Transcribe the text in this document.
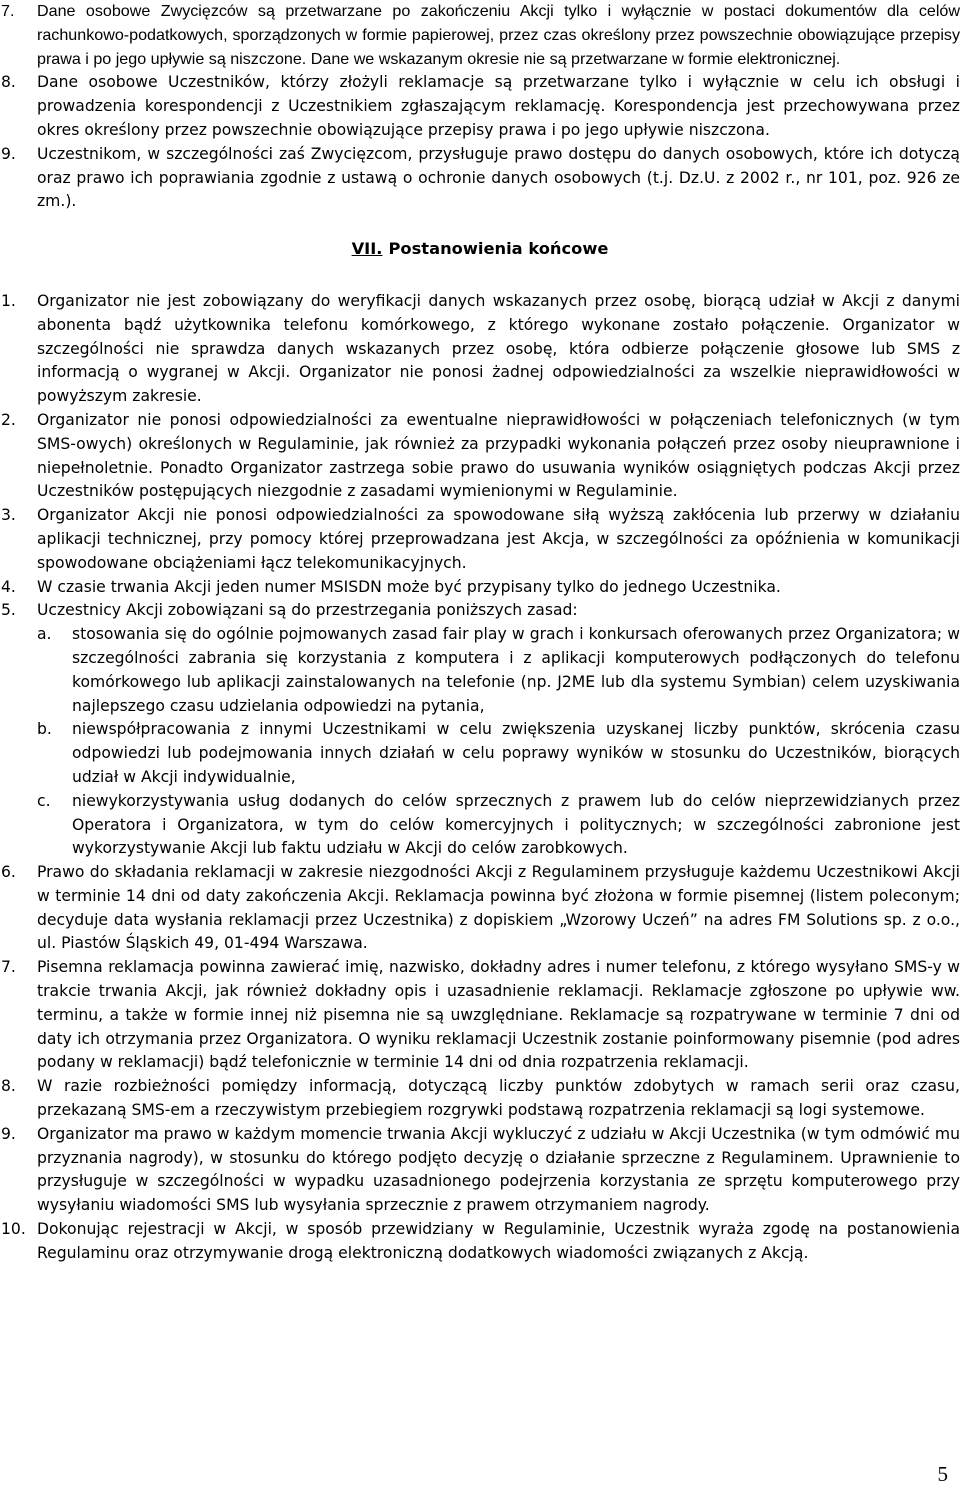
7. Dane osobowe Zwycięzców są przetwarzane po zakończeniu Akcji tylko i wyłącznie w postaci dokumentów dla celów rachunkowo-podatkowych, sporządzonych w formie papierowej, przez czas określony przez powszechnie obowiązujące przepisy prawa i po jego upływie są niszczone. Dane we wskazanym okresie nie są przetwarzane w formie elektronicznej.
8. Dane osobowe Uczestników, którzy złożyli reklamacje są przetwarzane tylko i wyłącznie w celu ich obsługi i prowadzenia korespondencji z Uczestnikiem zgłaszającym reklamację. Korespondencja jest przechowywana przez okres określony przez powszechnie obowiązujące przepisy prawa i po jego upływie niszczona.
9. Uczestnikom, w szczególności zaś Zwycięzcom, przysługuje prawo dostępu do danych osobowych, które ich dotyczą oraz prawo ich poprawiania zgodnie z ustawą o ochronie danych osobowych (t.j. Dz.U. z 2002 r., nr 101, poz. 926 ze zm.).
VII. Postanowienia końcowe
1. Organizator nie jest zobowiązany do weryfikacji danych wskazanych przez osobę, biorącą udział w Akcji z danymi abonenta bądź użytkownika telefonu komórkowego, z którego wykonane zostało połączenie. Organizator w szczególności nie sprawdza danych wskazanych przez osobę, która odbierze połączenie głosowe lub SMS z informacją o wygranej w Akcji. Organizator nie ponosi żadnej odpowiedzialności za wszelkie nieprawidłowości w powyższym zakresie.
2. Organizator nie ponosi odpowiedzialności za ewentualne nieprawidłowości w połączeniach telefonicznych (w tym SMS-owych) określonych w Regulaminie, jak również za przypadki wykonania połączeń przez osoby nieuprawnione i niepełnoletnie. Ponadto Organizator zastrzega sobie prawo do usuwania wyników osiągniętych podczas Akcji przez Uczestników postępujących niezgodnie z zasadami wymienionymi w Regulaminie.
3. Organizator Akcji nie ponosi odpowiedzialności za spowodowane siłą wyższą zakłócenia lub przerwy w działaniu aplikacji technicznej, przy pomocy której przeprowadzana jest Akcja, w szczególności za opóźnienia w komunikacji spowodowane obciążeniami łącz telekomunikacyjnych.
4. W czasie trwania Akcji jeden numer MSISDN może być przypisany tylko do jednego Uczestnika.
5. Uczestnicy Akcji zobowiązani są do przestrzegania poniższych zasad:
a. stosowania się do ogólnie pojmowanych zasad fair play w grach i konkursach oferowanych przez Organizatora; w szczególności zabrania się korzystania z komputera i z aplikacji komputerowych podłączonych do telefonu komórkowego lub aplikacji zainstalowanych na telefonie (np. J2ME lub dla systemu Symbian) celem uzyskiwania najlepszego czasu udzielania odpowiedzi na pytania,
b. niewspółpracowania z innymi Uczestnikami w celu zwiększenia uzyskanej liczby punktów, skrócenia czasu odpowiedzi lub podejmowania innych działań w celu poprawy wyników w stosunku do Uczestników, biorących udział w Akcji indywidualnie,
c. niewykorzystywania usług dodanych do celów sprzecznych z prawem lub do celów nieprzewidzianych przez Operatora i Organizatora, w tym do celów komercyjnych i politycznych; w szczególności zabronione jest wykorzystywanie Akcji lub faktu udziału w Akcji do celów zarobkowych.
6. Prawo do składania reklamacji w zakresie niezgodności Akcji z Regulaminem przysługuje każdemu Uczestnikowi Akcji w terminie 14 dni od daty zakończenia Akcji. Reklamacja powinna być złożona w formie pisemnej (listem poleconym; decyduje data wysłania reklamacji przez Uczestnika) z dopiskiem „Wzorowy Uczeń” na adres FM Solutions sp. z o.o., ul. Piastów Śląskich 49, 01-494 Warszawa.
7. Pisemna reklamacja powinna zawierać imię, nazwisko, dokładny adres i numer telefonu, z którego wysyłano SMS-y w trakcie trwania Akcji, jak również dokładny opis i uzasadnienie reklamacji. Reklamacje zgłoszone po upływie ww. terminu, a także w formie innej niż pisemna nie są uwzględniane. Reklamacje są rozpatrywane w terminie 7 dni od daty ich otrzymania przez Organizatora. O wyniku reklamacji Uczestnik zostanie poinformowany pisemnie (pod adres podany w reklamacji) bądź telefonicznie w terminie 14 dni od dnia rozpatrzenia reklamacji.
8. W razie rozbieżności pomiędzy informacją, dotyczącą liczby punktów zdobytych w ramach serii oraz czasu, przekazaną SMS-em a rzeczywistym przebiegiem rozgrywki podstawą rozpatrzenia reklamacji są logi systemowe.
9. Organizator ma prawo w każdym momencie trwania Akcji wykluczyć z udziału w Akcji Uczestnika (w tym odmówić mu przyznania nagrody), w stosunku do którego podjęto decyzję o działanie sprzeczne z Regulaminem. Uprawnienie to przysługuje w szczególności w wypadku uzasadnionego podejrzenia korzystania ze sprzętu komputerowego przy wysyłaniu wiadomości SMS lub wysyłania sprzecznie z prawem otrzymaniem nagrody.
10. Dokonując rejestracji w Akcji, w sposób przewidziany w Regulaminie, Uczestnik wyraża zgodę na postanowienia Regulaminu oraz otrzymywanie drogą elektroniczną dodatkowych wiadomości związanych z Akcją.
5
